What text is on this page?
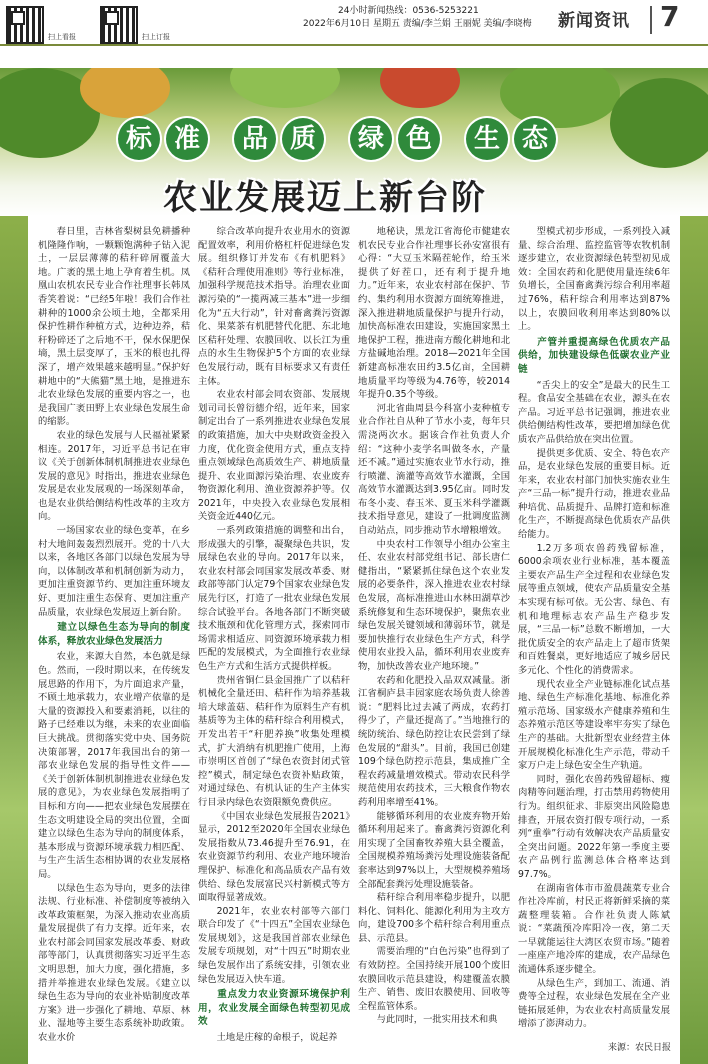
扫上看报	扫上订报
24小时新闻热线：0536-5253221
2022年6月10日 星期五 责编/李兰娟 王丽妮 美编/李晓梅 新闻资讯 7
标 准	品 质	绿 色	生 态
农业发展迈上新台阶

春日里，吉林省梨树县免耕播种机隆隆作响，一颗颗饱满种子钻入泥土，一层层薄薄的秸秆碎屑覆盖大地。广袤的黑土地上孕育着生机。凤凰山农机农民专业合作社理事长韩凤香笑着说：“已经5年啦！我们合作社耕种的1000余公顷土地，全都采用保护性耕作种植方式，边种边养，秸秆粉碎还了之后地不干，保水保肥保墒，黑土层变厚了，玉米的根也扎得深了，增产效果越来越明显。”保护好耕地中的“大熊猫”黑土地，是推进东北农业绿色发展的重要内容之一，也是我国广袤田野上农业绿色发展生命的缩影。

农业的绿色发展与人民福祉紧紧相连。2017年，习近平总书记在审议《关于创新体制机制推进农业绿色发展的意见》时指出，推进农业绿色发展是农业发展观的一场深刻革命，也是农业供给侧结构性改革的主攻方向。

一场国家农业的绿色变革，在乡村大地间轰轰烈烈展开。党的十八大以来，各地区各部门以绿色发展为导向，以体制改革和机制创新为动力，更加注重资源节约、更加注重环境友好、更加注重生态保育、更加注重产品质量，农业绿色发展迈上新台阶。

建立以绿色生态为导向的制度体系，释放农业绿色发展活力

农业，来源大自然，本色就是绿色。然而，一段时期以来，在传统发展思路的作用下，为片面追求产量，不顾土地承载力，农业增产依靠的是大量的资源投入和要素消耗，以往的路子已经难以为继，未来的农业面临巨大挑战。贯彻落实党中央、国务院决策部署，2017年我国出台的第一部农业绿色发展的指导性文件——《关于创新体制机制推进农业绿色发展的意见》，为农业绿色发展指明了目标和方向——把农业绿色发展摆在生态文明建设全局的突出位置，全面建立以绿色生态为导向的制度体系，基本形成与资源环境承载力相匹配、与生产生活生态相协调的农业发展格局。

以绿色生态为导向，更多的法律法规、行业标准、补偿制度等被纳入改革政策框架，为深入推动农业高质量发展提供了有力支撑。近年来，农业农村部会同国家发展改革委、财政部等部门，认真贯彻落实习近平生态文明思想，加大力度，强化措施，多措并举推进农业绿色发展。《建立以绿色生态为导向的农业补贴制度改革方案》进一步强化了耕地、草原、林业、湿地等主要生态系统补助政策。农业水价

综合改革向提升农业用水的资源配置效率，利用价格杠杆促进绿色发展。组织修订并发布《有机肥料》《秸秆合理使用准则》等行业标准，加强科学规范技术指导。治理农业面源污染的“一揽两减三基本”进一步细化为“五大行动”，针对畜禽粪污资源化、果菜茶有机肥替代化肥、东北地区秸秆处理、农膜回收、以长江为重点的水生生物保护5个方面的农业绿色发展行动，既有目标要求又有责任主体。

农业农村部会同农资部、发展规划司司长曾衍德介绍，近年来，国家制定出台了一系列推进农业绿色发展的政策措施，加大中央财政资金投入力度，优化资金使用方式，重点支持重点领域绿色高质效生产、耕地质量提升、农业面源污染治理、农业废弃物资源化利用、渔业资源养护等。仅2021年，中央投入农业绿色发展相关资金近440亿元。

一系列政策措施的调整和出台，形成强大的引擎，凝聚绿色共识，发展绿色农业的导向。2017年以来，农业农村部会同国家发展改革委、财政部等部门认定79个国家农业绿色发展先行区，打造了一批农业绿色发展综合试验平台。各地各部门不断突破技术瓶颈和优化管理方式，探索同市场需求相适应、同资源环境承载力相匹配的发展模式，为全面推行农业绿色生产方式和生活方式提供样板。

贵州省铜仁县金国推广了以秸秆机械化全量还田、秸秆作为培养基栽培大球盖菇、秸秆作为原料生产有机基质等为主体的秸秆综合利用模式，开发出若干“秆肥养换”收集处理模式，扩大消纳有机肥推广使用，上海市崇明区首创了“绿色农资封闭式管控”模式，制定绿色农资补贴政策，对通过绿色、有机认证的生产主体实行目录内绿色农资限额免费供应。

《中国农业绿色发展报告2021》显示，2012至2020年全国农业绿色发展指数从73.46提升至76.91，在农业资源节约利用、农业产地环境治理保护、标准化和高品质农产品有效供给、绿色发展富民兴村新模式等方面取得显著成效。

2021年，农业农村部等六部门联合印发了《“十四五”全国农业绿色发展规划》，这是我国首部农业绿色发展专项规划，对“十四五”时期农业绿色发展作出了系统安排，引领农业绿色发展迈入快车道。

重点发力农业资源环境保护利用，农业发展全面绿色转型初见成效

土地是庄稼的命根子，说起养

地秘诀，黑龙江省海伦市健建农机农民专业合作社理事长孙安富很有心得：“大豆玉米隔茬轮作，给玉米提供了好茬口，还有利于提升地力。”近年来，农业农村部在保护、节约、集约利用水资源方面统筹推进，深入推进耕地质量保护与提升行动，加快高标准农田建设，实施国家黑土地保护工程，推进南方酸化耕地和北方盐碱地治理。2018—2021年全国新建高标准农田约3.5亿亩，全国耕地质量平均等级为4.76等，较2014年提升0.35个等级。

河北省曲周县今科富小麦种植专业合作社自从种了节水小麦，每年只需浇两次水。据该合作社负责人介绍：“这种小麦学名叫做冬水，产量还不减。”通过实施农业节水行动，推行喷灌、滴灌等高效节水灌溉，全国高效节水灌溉达到3.95亿亩。同时发布冬小麦、春玉米、夏玉米科学灌溉技术指导意见，建设了一批调度监测自动站点，同步推动节水增粮增效。

中央农村工作领导小组办公室主任、农业农村部党组书记、部长唐仁健指出，“紧紧抓住绿色这个农业发展的必要条件，深入推进农业农村绿色发展，高标准推进山水林田湖草沙系统修复和生态环境保护，聚焦农业绿色发展关键领域和薄弱环节，就是要加快推行农业绿色生产方式，科学使用农业投入品，循环利用农业废弃物，加快改善农业产地环境。”

农药和化肥投入品双双减量。浙江省桐庐县丰园家庭农场负责人徐善说：“肥料比过去减了两成，农药打得少了，产量还提高了。”当地推行的统防统治、绿色防控让农民尝到了绿色发展的“甜头”。目前，我国已创建109个绿色防控示范县，集成推广全程农药减量增效模式。带动农民科学规范使用农药技术，三大粮食作物农药利用率增至41%。

能够循环利用的农业废弃物开始循环利用起来了。畜禽粪污资源化利用实现了全国畜牧养殖大县全覆盖，全国规模养殖场粪污处理设施装备配套率达到97%以上，大型规模养殖场全部配套粪污处理设施装备。

秸秆综合利用率稳步提升，以肥料化、饲料化、能源化利用为主攻方向，建设700多个秸秆综合利用重点县、示范县。

需要治理的“白色污染”也得到了有效防控。全国持续开展100个废旧农膜回收示范县建设，构建覆盖农膜生产、销售、废旧农膜使用、回收等全程监管体系。

与此同时，一批实用技术和典

型模式初步形成，一系列投入减量、综合治理、监控监管等农牧机制逐步建立，农业资源绿色转型初见成效：全国农药和化肥使用量连续6年负增长，全国畜禽粪污综合利用率超过76%，秸秆综合利用率达到87%以上，农膜回收利用率达到80%以上。

产管并重提高绿色优质农产品供给，加快建设绿色低碳农业产业链

“舌尖上的安全”是最大的民生工程。食品安全基础在农业，源头在农产品。习近平总书记强调，推进农业供给侧结构性改革，要把增加绿色优质农产品供给放在突出位置。

提供更多优质、安全、特色农产品，是农业绿色发展的重要目标。近年来，农业农村部门加快实施农业生产“三品一标”提升行动，推进农业品种培优、品质提升、品牌打造和标准化生产，不断提高绿色优质农产品供给能力。

1.2万多项农兽药残留标准，6000余项农业行业标准，基本覆盖主要农产品生产全过程和农业绿色发展等重点领域，使农产品质量安全基本实现有标可依。无公害、绿色、有机和地理标志农产品生产稳步发展，“三品一标”总数不断增加，一大批优质安全的农产品走上了超市货架和百姓餐桌，更好地适应了城乡居民多元化、个性化的消费需求。

现代农业全产业链标准化试点基地、绿色生产标准化基地、标准化养殖示范场、国家级水产健康养殖和生态养殖示范区等建设率牢夯实了绿色生产的基础。大批新型农业经营主体开展规模化标准化生产示范，带动千家万户走上绿色安全生产轨道。

同时，强化农兽药残留超标、瘦肉精等问题治理，打击禁用药物使用行为。组织征求、非原突出风险隐患排查，开展农资打假专项行动，一系列“重拳”行动有效解决农产品质量安全突出问题。2022年第一季度主要农产品例行监测总体合格率达到97.7%。

在湖南省体市市盈晨蔬菜专业合作社冷库前，村民正将新鲜采摘的菜蔬整理装箱。合作社负责人陈斌说：“菜蔬预冷库阳冷一夜，第二天一早就能运往大湾区农贸市场。”随着一座座产地冷库的建成，农产品绿色流通体系逐步健全。

从绿色生产，到加工、流通、消费等全过程，农业绿色发展在全产业链拓展延伸，为农业农村高质量发展增添了澎湃动力。

来源：农民日报
